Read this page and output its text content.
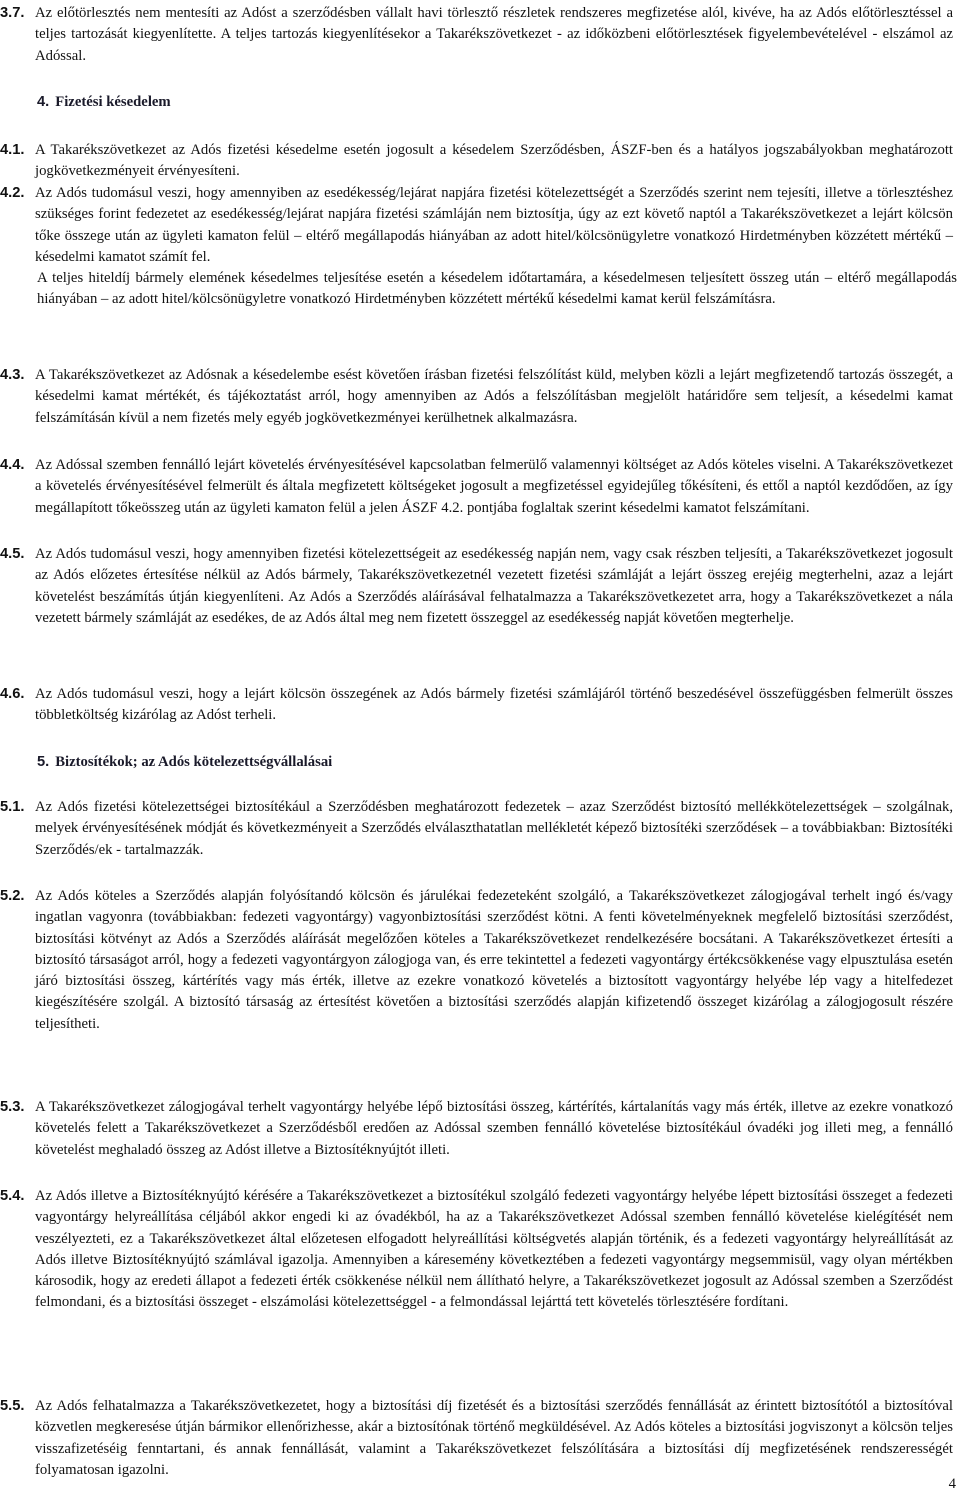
3.7. Az előtörlesztés nem mentesíti az Adóst a szerződésben vállalt havi törlesztő részletek rendszeres megfizetése alól, kivéve, ha az Adós előtörlesztéssel a teljes tartozását kiegyenlítette. A teljes tartozás kiegyenlítésekor a Takarékszövetkezet - az időközbeni előtörlesztések figyelembevételével - elszámol az Adóssal.
4. Fizetési késedelem
4.1. A Takarékszövetkezet az Adós fizetési késedelme esetén jogosult a késedelem Szerződésben, ÁSZF-ben és a hatályos jogszabályokban meghatározott jogkövetkezményeit érvényesíteni.
4.2. Az Adós tudomásul veszi, hogy amennyiben az esedékesség/lejárat napjára fizetési kötelezettségét a Szerződés szerint nem tejesíti, illetve a törlesztéshez szükséges forint fedezetet az esedékesség/lejárat napjára fizetési számláján nem biztosítja, úgy az ezt követő naptól a Takarékszövetkezet a lejárt kölcsön tőke összege után az ügyleti kamaton felül – eltérő megállapodás hiányában az adott hitel/kölcsönügyletre vonatkozó Hirdetményben közzétett mértékű – késedelmi kamatot számít fel.
A teljes hiteldíj bármely elemének késedelmes teljesítése esetén a késedelem időtartamára, a késedelmesen teljesített összeg után – eltérő megállapodás hiányában – az adott hitel/kölcsönügyletre vonatkozó Hirdetményben közzétett mértékű késedelmi kamat kerül felszámításra.
4.3. A Takarékszövetkezet az Adósnak a késedelembe esést követően írásban fizetési felszólítást küld, melyben közli a lejárt megfizetendő tartozás összegét, a késedelmi kamat mértékét, és tájékoztatást arról, hogy amennyiben az Adós a felszólításban megjelölt határidőre sem teljesít, a késedelmi kamat felszámításán kívül a nem fizetés mely egyéb jogkövetkezményei kerülhetnek alkalmazásra.
4.4. Az Adóssal szemben fennálló lejárt követelés érvényesítésével kapcsolatban felmerülő valamennyi költséget az Adós köteles viselni. A Takarékszövetkezet a követelés érvényesítésével felmerült és általa megfizetett költségeket jogosult a megfizetéssel egyidejűleg tőkésíteni, és ettől a naptól kezdődően, az így megállapított tőkeösszeg után az ügyleti kamaton felül a jelen ÁSZF 4.2. pontjába foglaltak szerint késedelmi kamatot felszámítani.
4.5. Az Adós tudomásul veszi, hogy amennyiben fizetési kötelezettségeit az esedékesség napján nem, vagy csak részben teljesíti, a Takarékszövetkezet jogosult az Adós előzetes értesítése nélkül az Adós bármely, Takarékszövetkezetnél vezetett fizetési számláját a lejárt összeg erejéig megterhelni, azaz a lejárt követelést beszámítás útján kiegyenlíteni. Az Adós a Szerződés aláírásával felhatalmazza a Takarékszövetkezetet arra, hogy a Takarékszövetkezet a nála vezetett bármely számláját az esedékes, de az Adós által meg nem fizetett összeggel az esedékesség napját követően megterhelje.
4.6. Az Adós tudomásul veszi, hogy a lejárt kölcsön összegének az Adós bármely fizetési számlájáról történő beszedésével összefüggésben felmerült összes többletköltség kizárólag az Adóst terheli.
5. Biztosítékok; az Adós kötelezettségvállalásai
5.1. Az Adós fizetési kötelezettségei biztosítékául a Szerződésben meghatározott fedezetek – azaz Szerződést biztosító mellékkötelezettségek – szolgálnak, melyek érvényesítésének módját és következményeit a Szerződés elválaszthatatlan mellékletét képező biztosítéki szerződések – a továbbiakban: Biztosítéki Szerződés/ek - tartalmazzák.
5.2. Az Adós köteles a Szerződés alapján folyósítandó kölcsön és járulékai fedezeteként szolgáló, a Takarékszövetkezet zálogjogával terhelt ingó és/vagy ingatlan vagyonra (továbbiakban: fedezeti vagyontárgy) vagyonbiztosítási szerződést kötni. A fenti követelményeknek megfelelő biztosítási szerződést, biztosítási kötvényt az Adós a Szerződés aláírását megelőzően köteles a Takarékszövetkezet rendelkezésére bocsátani. A Takarékszövetkezet értesíti a biztosító társaságot arról, hogy a fedezeti vagyontárgyon zálogjoga van, és erre tekintettel a fedezeti vagyontárgy értékcsökkenése vagy elpusztulása esetén járó biztosítási összeg, kártérítés vagy más érték, illetve az ezekre vonatkozó követelés a biztosított vagyontárgy helyébe lép vagy a hitelfedezet kiegészítésére szolgál. A biztosító társaság az értesítést követően a biztosítási szerződés alapján kifizetendő összeget kizárólag a zálogjogosult részére teljesítheti.
5.3. A Takarékszövetkezet zálogjogával terhelt vagyontárgy helyébe lépő biztosítási összeg, kártérítés, kártalanítás vagy más érték, illetve az ezekre vonatkozó követelés felett a Takarékszövetkezet a Szerződésből eredően az Adóssal szemben fennálló követelése biztosítékául óvadéki jog illeti meg, a fennálló követelést meghaladó összeg az Adóst illetve a Biztosítéknyújtót illeti.
5.4. Az Adós illetve a Biztosítéknyújtó kérésére a Takarékszövetkezet a biztosítékul szolgáló fedezeti vagyontárgy helyébe lépett biztosítási összeget a fedezeti vagyontárgy helyreállítása céljából akkor engedi ki az óvadékból, ha az a Takarékszövetkezet Adóssal szemben fennálló követelése kielégítését nem veszélyezteti, ez a Takarékszövetkezet által előzetesen elfogadott helyreállítási költségvetés alapján történik, és a fedezeti vagyontárgy helyreállítását az Adós illetve Biztosítéknyújtó számlával igazolja. Amennyiben a káresemény következtében a fedezeti vagyontárgy megsemmisül, vagy olyan mértékben károsodik, hogy az eredeti állapot a fedezeti érték csökkenése nélkül nem állítható helyre, a Takarékszövetkezet jogosult az Adóssal szemben a Szerződést felmondani, és a biztosítási összeget - elszámolási kötelezettséggel - a felmondással lejárttá tett követelés törlesztésére fordítani.
5.5. Az Adós felhatalmazza a Takarékszövetkezetet, hogy a biztosítási díj fizetését és a biztosítási szerződés fennállását az érintett biztosítótól a biztosítóval közvetlen megkeresése útján bármikor ellenőrizhesse, akár a biztosítónak történő megküldésével. Az Adós köteles a biztosítási jogviszonyt a kölcsön teljes visszafizetéséig fenntartani, és annak fennállását, valamint a Takarékszövetkezet felszólítására a biztosítási díj megfizetésének rendszerességét folyamatosan igazolni.
4
